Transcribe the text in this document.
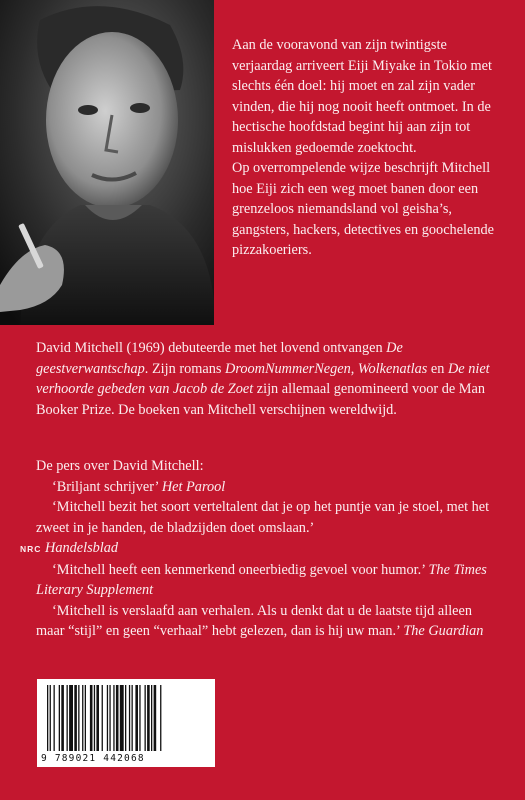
Aan de vooravond van zijn twintigste verjaardag arriveert Eiji Miyake in Tokio met slechts één doel: hij moet en zal zijn vader vinden, die hij nog nooit heeft ontmoet. In de hectische hoofdstad begint hij aan zijn tot mislukken gedoemde zoektocht.

Op overrompelende wijze beschrijft Mitchell hoe Eiji zich een weg moet banen door een grenzeloos niemandsland vol geisha’s, gangsters, hackers, detectives en goochelende pizzakoeriers.

David Mitchell (1969) debuteerde met het lovend ontvangen De geestverwantschap. Zijn romans DroomNummerNegen, Wolkenatlas en De niet verhoorde gebeden van Jacob de Zoet zijn allemaal genomineerd voor de Man Booker Prize. De boeken van Mitchell verschijnen wereldwijd.

De pers over David Mitchell:

‘Briljant schrijver’ Het Parool

‘Mitchell bezit het soort verteltalent dat je op het puntje van je stoel, met het zweet in je handen, de bladzijden doet omslaan.’
NRC Handelsblad

‘Mitchell heeft een kenmerkend oneerbiedig gevoel voor humor.’ The Times Literary Supplement

‘Mitchell is verslaafd aan verhalen. Als u denkt dat u de laatste tijd alleen maar “stijl” en geen “verhaal” hebt gelezen, dan is hij uw man.’ The Guardian

9 789021 442068
